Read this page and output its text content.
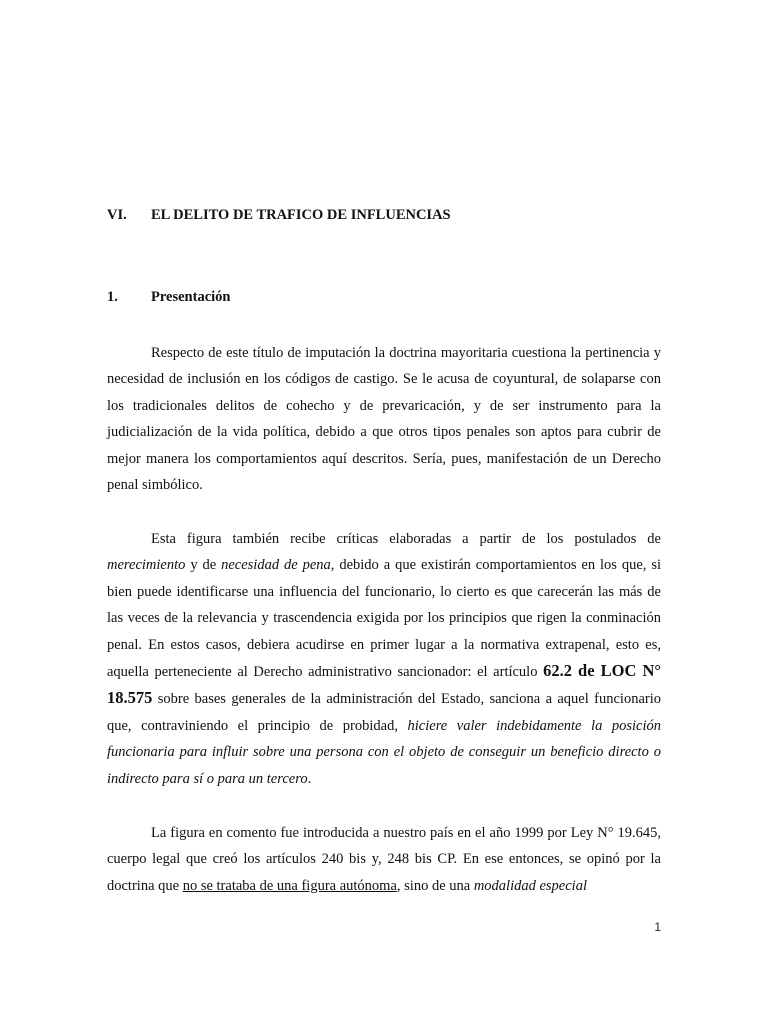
VI. EL DELITO DE TRAFICO DE INFLUENCIAS
1. Presentación

Respecto de este título de imputación la doctrina mayoritaria cuestiona la pertinencia y necesidad de inclusión en los códigos de castigo. Se le acusa de coyuntural, de solaparse con los tradicionales delitos de cohecho y de prevaricación, y de ser instrumento para la judicialización de la vida política, debido a que otros tipos penales son aptos para cubrir de mejor manera los comportamientos aquí descritos. Sería, pues, manifestación de un Derecho penal simbólico.

Esta figura también recibe críticas elaboradas a partir de los postulados de merecimiento y de necesidad de pena, debido a que existirán comportamientos en los que, si bien puede identificarse una influencia del funcionario, lo cierto es que carecerán las más de las veces de la relevancia y trascendencia exigida por los principios que rigen la conminación penal. En estos casos, debiera acudirse en primer lugar a la normativa extrapenal, esto es, aquella perteneciente al Derecho administrativo sancionador: el artículo 62.2 de LOC N° 18.575 sobre bases generales de la administración del Estado, sanciona a aquel funcionario que, contraviniendo el principio de probidad, hiciere valer indebidamente la posición funcionaria para influir sobre una persona con el objeto de conseguir un beneficio directo o indirecto para sí o para un tercero.

La figura en comento fue introducida a nuestro país en el año 1999 por Ley N° 19.645, cuerpo legal que creó los artículos 240 bis y, 248 bis CP. En ese entonces, se opinó por la doctrina que no se trataba de una figura autónoma, sino de una modalidad especial

1
